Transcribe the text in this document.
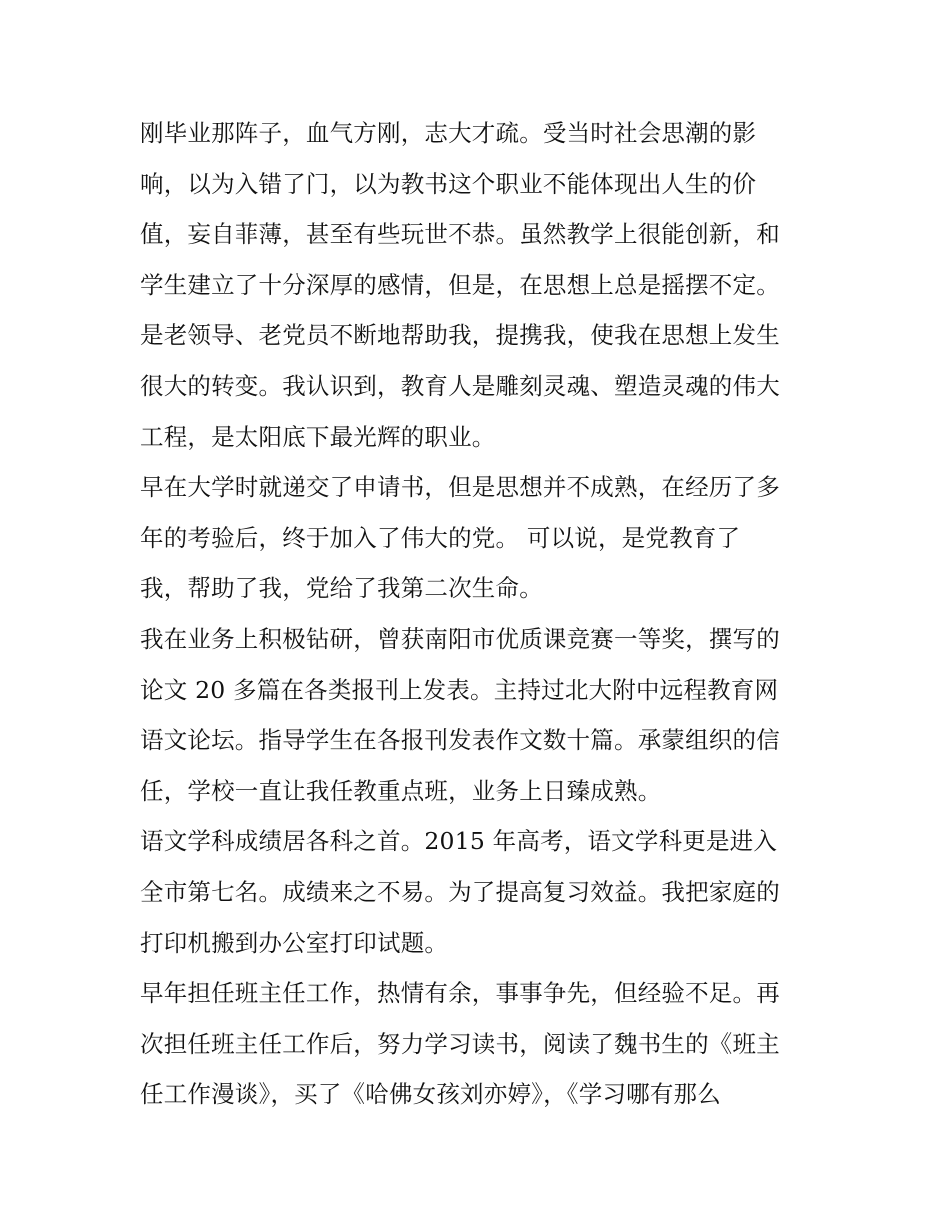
刚毕业那阵子，血气方刚，志大才疏。受当时社会思潮的影
响，以为入错了门，以为教书这个职业不能体现出人生的价
值，妄自菲薄，甚至有些玩世不恭。虽然教学上很能创新，和
学生建立了十分深厚的感情，但是，在思想上总是摇摆不定。
是老领导、老党员不断地帮助我，提携我，使我在思想上发生
很大的转变。我认识到，教育人是雕刻灵魂、塑造灵魂的伟大
工程，是太阳底下最光辉的职业。
早在大学时就递交了申请书，但是思想并不成熟，在经历了多
年的考验后，终于加入了伟大的党。 可以说，是党教育了
我，帮助了我，党给了我第二次生命。
我在业务上积极钻研，曾获南阳市优质课竞赛一等奖，撰写的
论文 20 多篇在各类报刊上发表。主持过北大附中远程教育网
语文论坛。指导学生在各报刊发表作文数十篇。承蒙组织的信
任，学校一直让我任教重点班，业务上日臻成熟。
语文学科成绩居各科之首。2015 年高考，语文学科更是进入
全市第七名。成绩来之不易。为了提高复习效益。我把家庭的
打印机搬到办公室打印试题。
早年担任班主任工作，热情有余，事事争先，但经验不足。再
次担任班主任工作后，努力学习读书，阅读了魏书生的《班主
任工作漫谈》，买了《哈佛女孩刘亦婷》，《学习哪有那么
